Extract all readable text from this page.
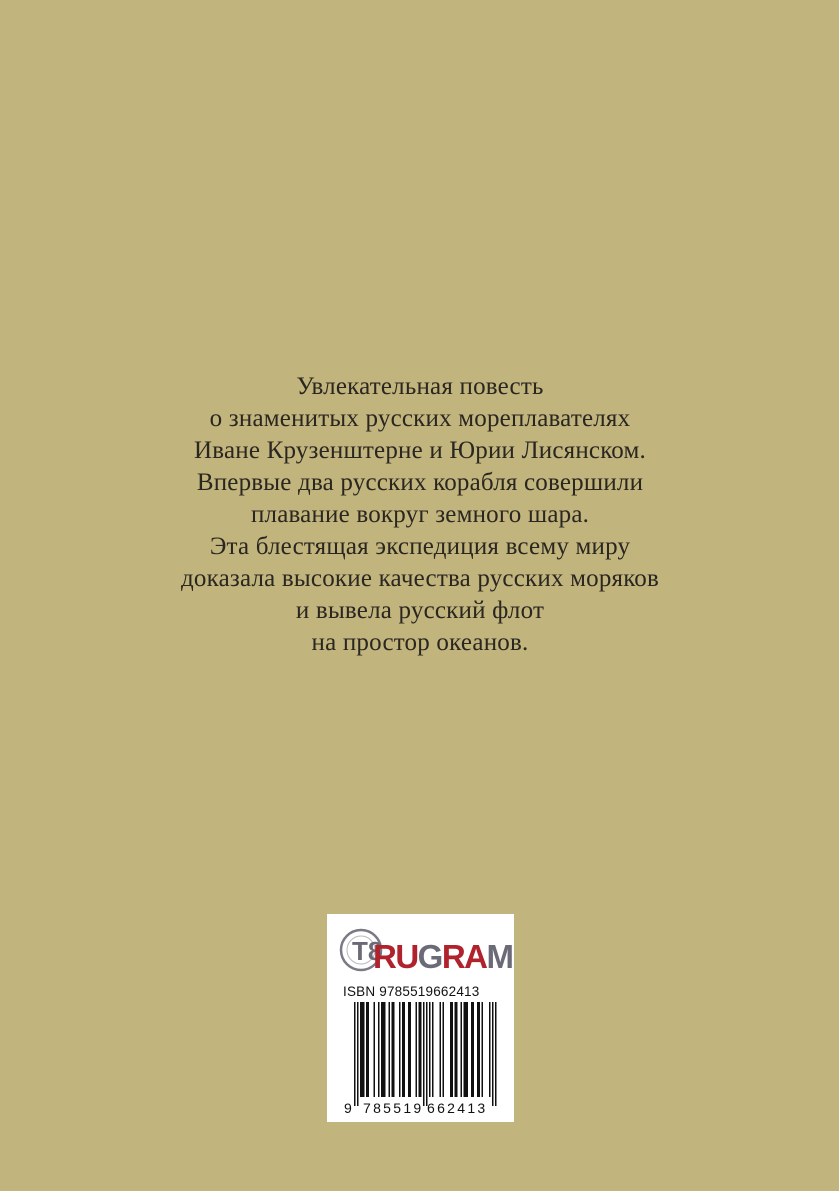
Увлекательная повесть
о знаменитых русских мореплавателях
Иване Крузенштерне и Юрии Лисянском.
Впервые два русских корабля совершили
плавание вокруг земного шара.
Эта блестящая экспедиция всему миру
доказала высокие качества русских моряков
и вывела русский флот
на простор океанов.
T8
RUGRAM
ISBN 9785519662413
9 785519 662413
